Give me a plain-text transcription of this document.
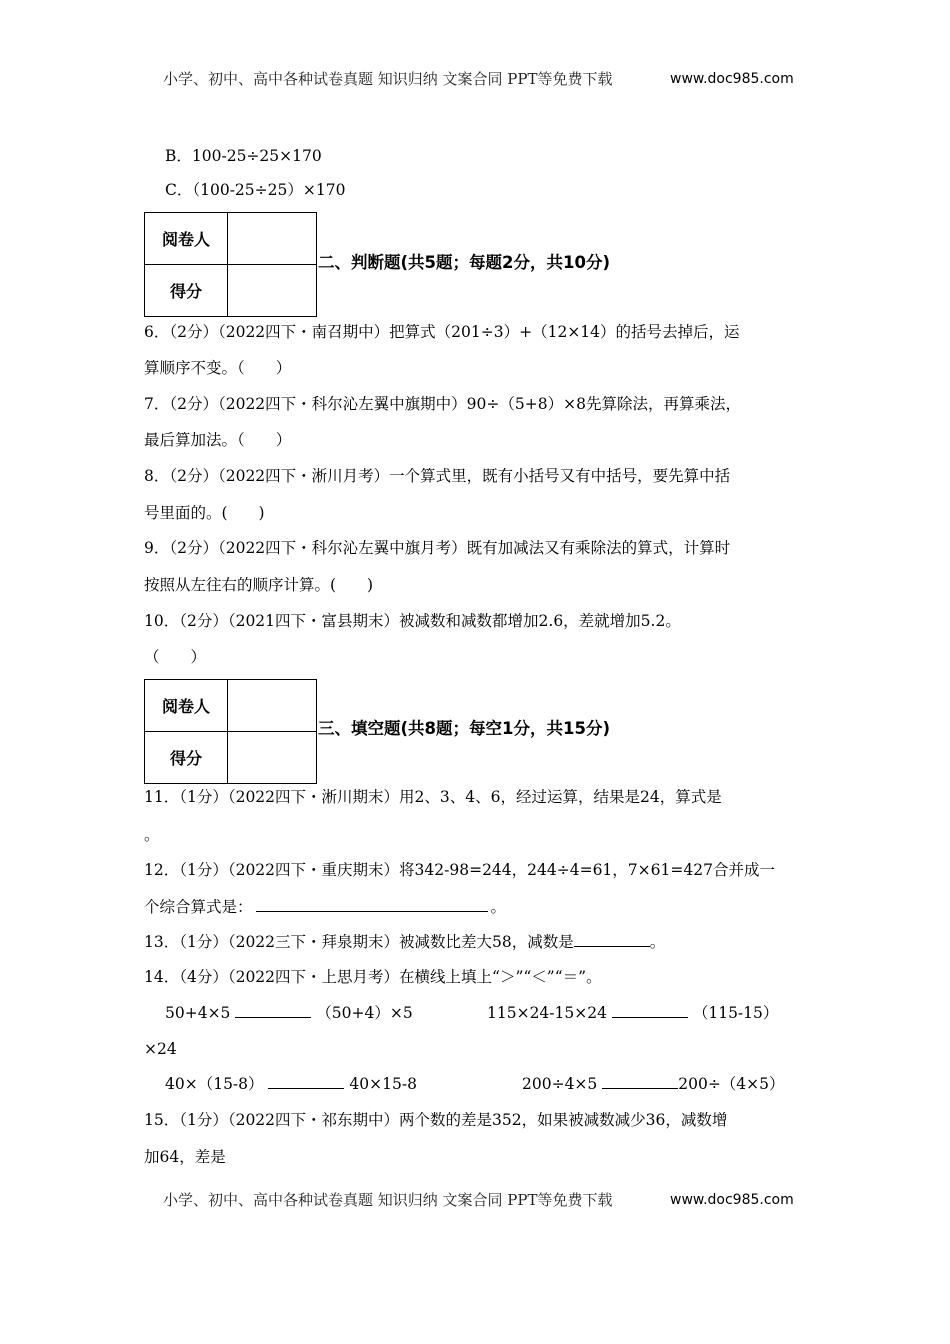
小学、初中、高中各种试卷真题 知识归纳 文案合同 PPT等免费下载	www.doc985.com
B．100-25÷25×170
C．（100-25÷25）×170
阅卷人	
得分	
二、判断题(共5题；每题2分，共10分)
6．（2分）（2022四下・南召期中）把算式（201÷3）+（12×14）的括号去掉后，运
算顺序不变。（　　）
7．（2分）（2022四下・科尔沁左翼中旗期中）90÷（5+8）×8先算除法，再算乘法，
最后算加法。（　　）
8．（2分）（2022四下・淅川月考）一个算式里，既有小括号又有中括号，要先算中括
号里面的。(　　)
9．（2分）（2022四下・科尔沁左翼中旗月考）既有加减法又有乘除法的算式，计算时
按照从左往右的顺序计算。(　　)
10．（2分）（2021四下・富县期末）被减数和减数都增加2.6，差就增加5.2。
（　　）
阅卷人	
得分	
三、填空题(共8题；每空1分，共15分)
11．（1分）（2022四下・淅川期末）用2、3、4、6，经过运算，结果是24，算式是
。
12．（1分）（2022四下・重庆期末）将342-98=244，244÷4=61，7×61=427合并成一
个综合算式是：	。
13．（1分）（2022三下・拜泉期末）被减数比差大58，减数是	。
14．（4分）（2022四下・上思月考）在横线上填上“＞”“＜”“＝”。
50+4×5	（50+4）×5	115×24-15×24	（115-15）
×24
40×（15-8）	40×15-8	200÷4×5	200÷（4×5）
15．（1分）（2022四下・祁东期中）两个数的差是352，如果被减数减少36，减数增
加64，差是
小学、初中、高中各种试卷真题 知识归纳 文案合同 PPT等免费下载	www.doc985.com
